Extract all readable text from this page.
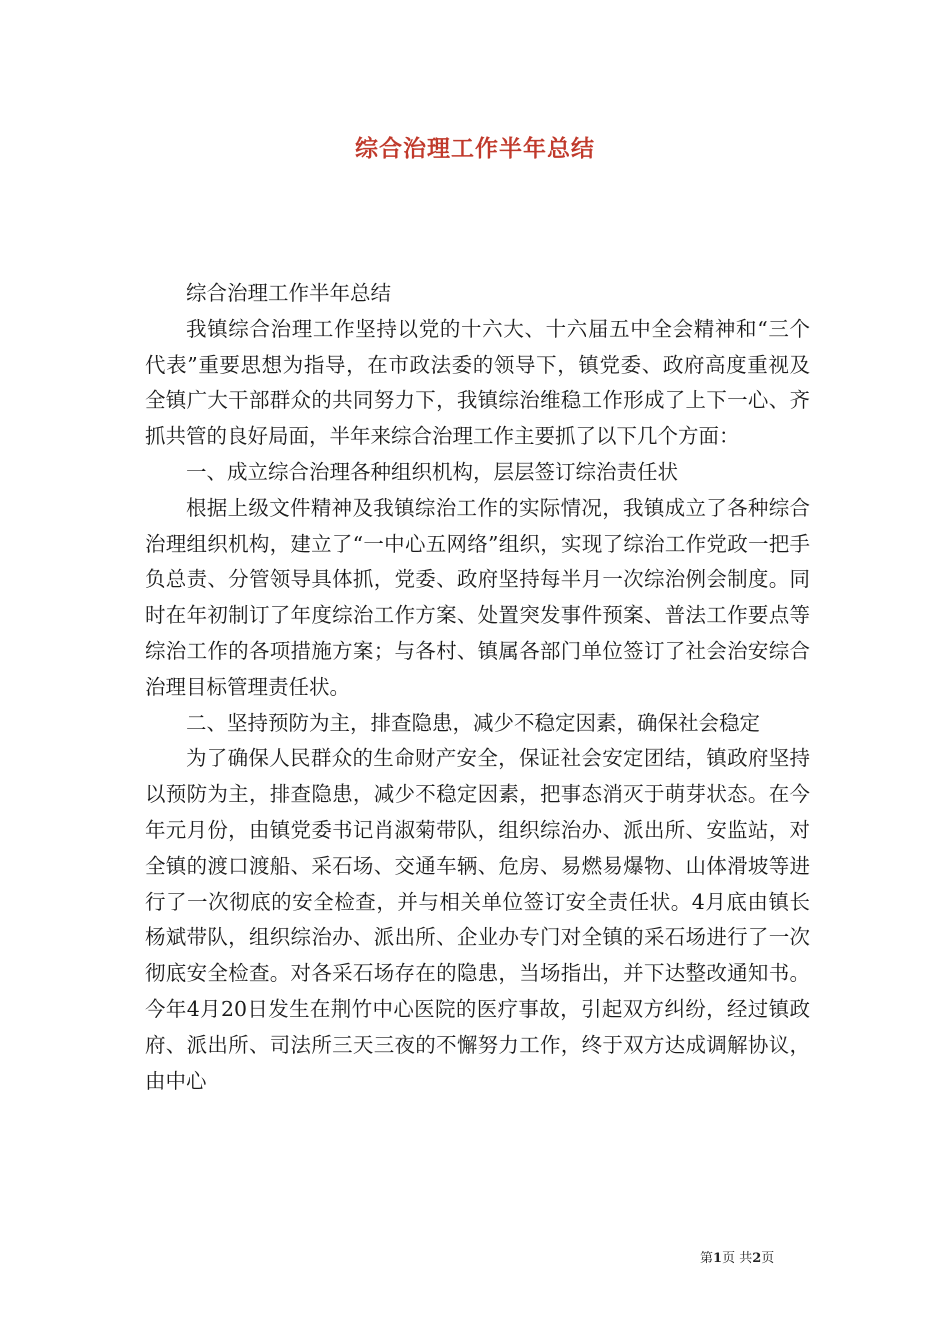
综合治理工作半年总结

综合治理工作半年总结

我镇综合治理工作坚持以党的十六大、十六届五中全会精神和“三个代表”重要思想为指导，在市政法委的领导下，镇党委、政府高度重视及全镇广大干部群众的共同努力下，我镇综治维稳工作形成了上下一心、齐抓共管的良好局面，半年来综合治理工作主要抓了以下几个方面：

一、成立综合治理各种组织机构，层层签订综治责任状

根据上级文件精神及我镇综治工作的实际情况，我镇成立了各种综合治理组织机构，建立了“一中心五网络”组织，实现了综治工作党政一把手负总责、分管领导具体抓，党委、政府坚持每半月一次综治例会制度。同时在年初制订了年度综治工作方案、处置突发事件预案、普法工作要点等综治工作的各项措施方案；与各村、镇属各部门单位签订了社会治安综合治理目标管理责任状。

二、坚持预防为主，排查隐患，减少不稳定因素，确保社会稳定

为了确保人民群众的生命财产安全，保证社会安定团结，镇政府坚持以预防为主，排查隐患，减少不稳定因素，把事态消灭于萌芽状态。在今年元月份，由镇党委书记肖淑菊带队，组织综治办、派出所、安监站，对全镇的渡口渡船、采石场、交通车辆、危房、易燃易爆物、山体滑坡等进行了一次彻底的安全检查，并与相关单位签订安全责任状。4月底由镇长杨斌带队，组织综治办、派出所、企业办专门对全镇的采石场进行了一次彻底安全检查。对各采石场存在的隐患，当场指出，并下达整改通知书。今年4月20日发生在荆竹中心医院的医疗事故，引起双方纠纷，经过镇政府、派出所、司法所三天三夜的不懈努力工作，终于双方达成调解协议，由中心

第1页 共2页
